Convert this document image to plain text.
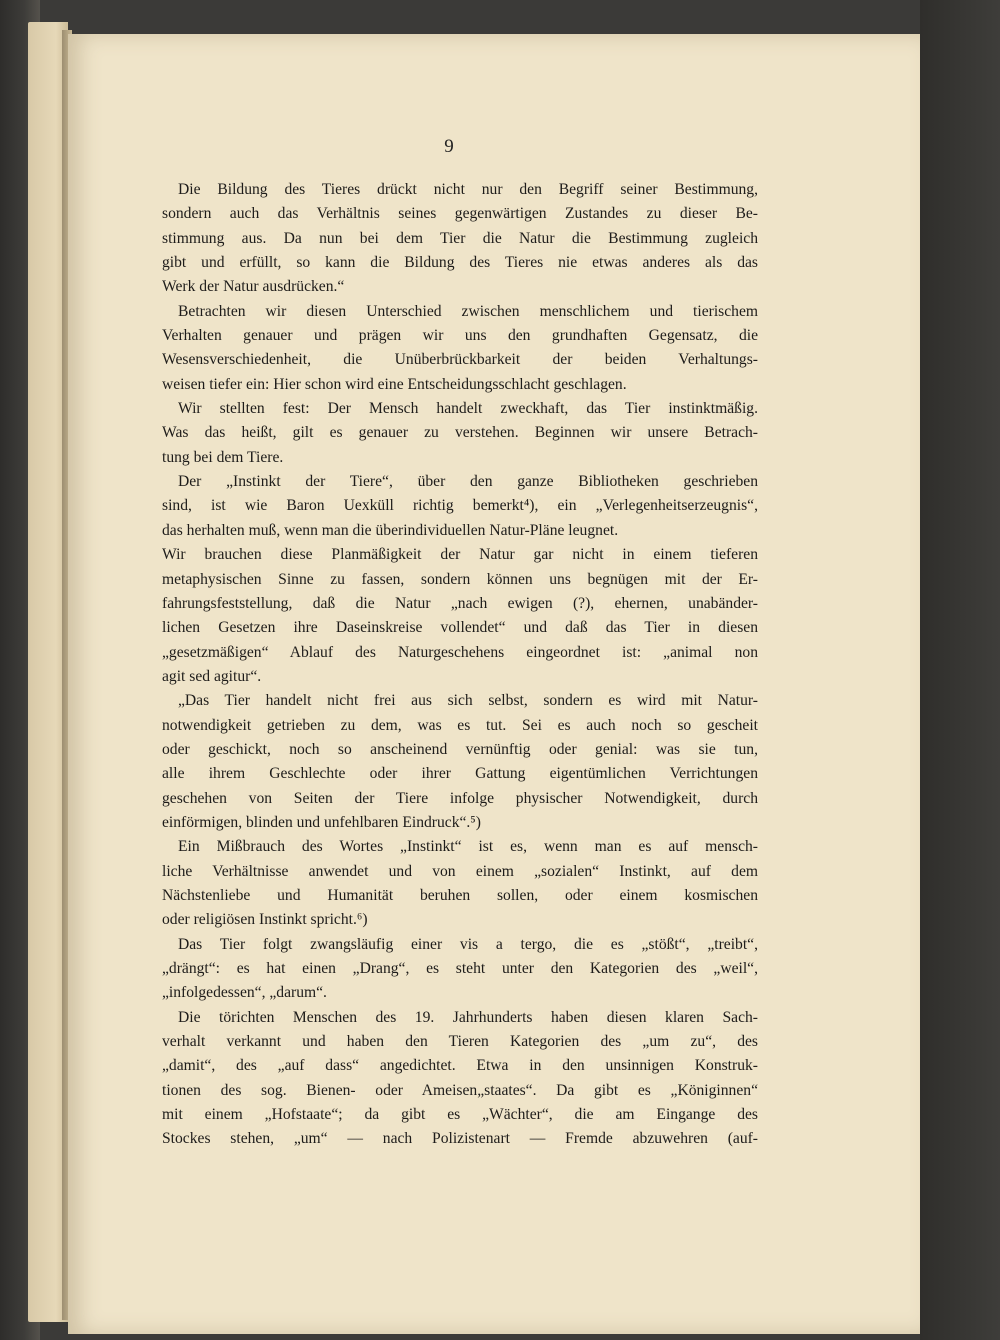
9
Die Bildung des Tieres drückt nicht nur den Begriff seiner Bestimmung,
sondern auch das Verhältnis seines gegenwärtigen Zustandes zu dieser Be-
stimmung aus. Da nun bei dem Tier die Natur die Bestimmung zugleich
gibt und erfüllt, so kann die Bildung des Tieres nie etwas anderes als das
Werk der Natur ausdrücken.“
Betrachten wir diesen Unterschied zwischen menschlichem und tierischem
Verhalten genauer und prägen wir uns den grundhaften Gegensatz, die
Wesensverschiedenheit, die Unüberbrückbarkeit der beiden Verhaltungs-
weisen tiefer ein: Hier schon wird eine Entscheidungsschlacht geschlagen.
Wir stellten fest: Der Mensch handelt zweckhaft, das Tier instinktmäßig.
Was das heißt, gilt es genauer zu verstehen. Beginnen wir unsere Betrach-
tung bei dem Tiere.
Der „Instinkt der Tiere“, über den ganze Bibliotheken geschrieben
sind, ist wie Baron Uexküll richtig bemerkt⁴), ein „Verlegenheitserzeugnis“,
das herhalten muß, wenn man die überindividuellen Natur-Pläne leugnet.
Wir brauchen diese Planmäßigkeit der Natur gar nicht in einem tieferen
metaphysischen Sinne zu fassen, sondern können uns begnügen mit der Er-
fahrungsfeststellung, daß die Natur „nach ewigen (?), ehernen, unabänder-
lichen Gesetzen ihre Daseinskreise vollendet“ und daß das Tier in diesen
„gesetzmäßigen“ Ablauf des Naturgeschehens eingeordnet ist: „animal non
agit sed agitur“.
„Das Tier handelt nicht frei aus sich selbst, sondern es wird mit Natur-
notwendigkeit getrieben zu dem, was es tut. Sei es auch noch so gescheit
oder geschickt, noch so anscheinend vernünftig oder genial: was sie tun,
alle ihrem Geschlechte oder ihrer Gattung eigentümlichen Verrichtungen
geschehen von Seiten der Tiere infolge physischer Notwendigkeit, durch
einförmigen, blinden und unfehlbaren Eindruck“.⁵)
Ein Mißbrauch des Wortes „Instinkt“ ist es, wenn man es auf mensch-
liche Verhältnisse anwendet und von einem „sozialen“ Instinkt, auf dem
Nächstenliebe und Humanität beruhen sollen, oder einem kosmischen
oder religiösen Instinkt spricht.⁶)
Das Tier folgt zwangsläufig einer vis a tergo, die es „stößt“, „treibt“,
„drängt“: es hat einen „Drang“, es steht unter den Kategorien des „weil“,
„infolgedessen“, „darum“.
Die törichten Menschen des 19. Jahrhunderts haben diesen klaren Sach-
verhalt verkannt und haben den Tieren Kategorien des „um zu“, des
„damit“, des „auf dass“ angedichtet. Etwa in den unsinnigen Konstruk-
tionen des sog. Bienen- oder Ameisen„staates“. Da gibt es „Königinnen“
mit einem „Hofstaate“; da gibt es „Wächter“, die am Eingange des
Stockes stehen, „um“ — nach Polizistenart — Fremde abzuwehren (auf-
